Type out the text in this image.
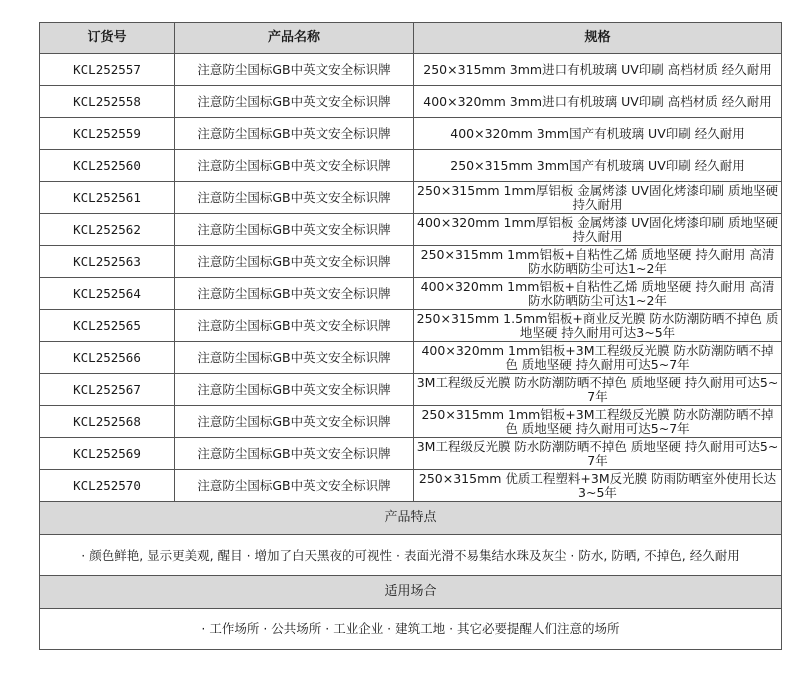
订货号	产品名称	规格
KCL252557	注意防尘国标GB中英文安全标识牌	250×315mm 3mm进口有机玻璃 UV印刷 高档材质 经久耐用
KCL252558	注意防尘国标GB中英文安全标识牌	400×320mm 3mm进口有机玻璃 UV印刷 高档材质 经久耐用
KCL252559	注意防尘国标GB中英文安全标识牌	400×320mm 3mm国产有机玻璃 UV印刷 经久耐用
KCL252560	注意防尘国标GB中英文安全标识牌	250×315mm 3mm国产有机玻璃 UV印刷 经久耐用
KCL252561	注意防尘国标GB中英文安全标识牌	250×315mm 1mm厚铝板 金属烤漆 UV固化烤漆印刷 质地坚硬 持久耐用
KCL252562	注意防尘国标GB中英文安全标识牌	400×320mm 1mm厚铝板 金属烤漆 UV固化烤漆印刷 质地坚硬 持久耐用
KCL252563	注意防尘国标GB中英文安全标识牌	250×315mm 1mm铝板+自粘性乙烯 质地坚硬 持久耐用 高清防水防晒防尘可达1~2年
KCL252564	注意防尘国标GB中英文安全标识牌	400×320mm 1mm铝板+自粘性乙烯 质地坚硬 持久耐用 高清防水防晒防尘可达1~2年
KCL252565	注意防尘国标GB中英文安全标识牌	250×315mm 1.5mm铝板+商业反光膜 防水防潮防晒不掉色 质地坚硬 持久耐用可达3~5年
KCL252566	注意防尘国标GB中英文安全标识牌	400×320mm 1mm铝板+3M工程级反光膜 防水防潮防晒不掉色 质地坚硬 持久耐用可达5~7年
KCL252567	注意防尘国标GB中英文安全标识牌	3M工程级反光膜 防水防潮防晒不掉色 质地坚硬 持久耐用可达5~7年
KCL252568	注意防尘国标GB中英文安全标识牌	250×315mm 1mm铝板+3M工程级反光膜 防水防潮防晒不掉色 质地坚硬 持久耐用可达5~7年
KCL252569	注意防尘国标GB中英文安全标识牌	3M工程级反光膜 防水防潮防晒不掉色 质地坚硬 持久耐用可达5~7年
KCL252570	注意防尘国标GB中英文安全标识牌	250×315mm 优质工程塑料+3M反光膜 防雨防晒室外使用长达3~5年
产品特点		
· 颜色鲜艳, 显示更美观, 醒目 · 增加了白天黑夜的可视性 · 表面光滑不易集结水珠及灰尘 · 防水, 防晒, 不掉色, 经久耐用		
适用场合		
· 工作场所 · 公共场所 · 工业企业 · 建筑工地 · 其它必要提醒人们注意的场所		
